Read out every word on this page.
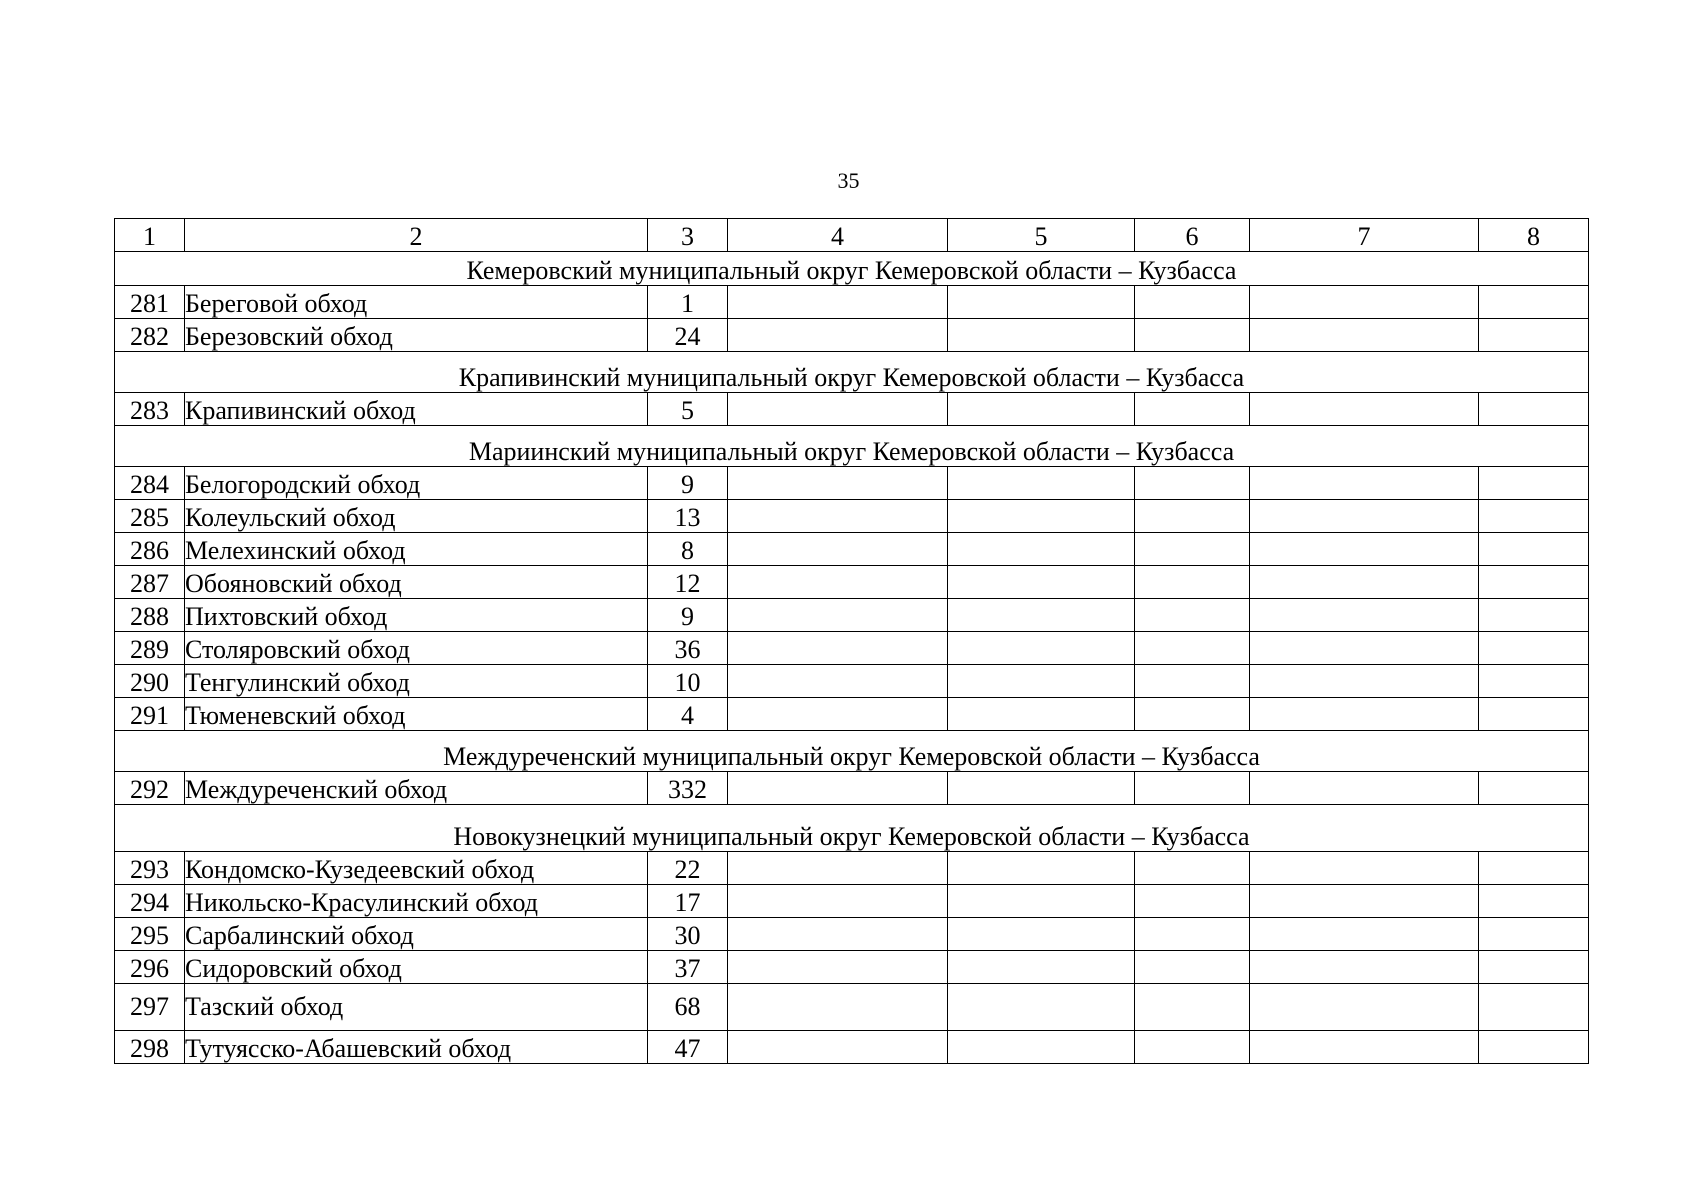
35
1	2	3	4	5	6	7	8
Кемеровский муниципальный округ Кемеровской области – Кузбасса							
281	Береговой обход	1					
282	Березовский обход	24					
Крапивинский муниципальный округ Кемеровской области – Кузбасса							
283	Крапивинский обход	5					
Мариинский муниципальный округ Кемеровской области – Кузбасса							
284	Белогородский обход	9					
285	Колеульский обход	13					
286	Мелехинский обход	8					
287	Обояновский обход	12					
288	Пихтовский обход	9					
289	Столяровский обход	36					
290	Тенгулинский обход	10					
291	Тюменевский обход	4					
Междуреченский муниципальный округ Кемеровской области – Кузбасса							
292	Междуреченский обход	332					
Новокузнецкий муниципальный округ Кемеровской области – Кузбасса							
293	Кондомско-Кузедеевский обход	22					
294	Никольско-Красулинский обход	17					
295	Сарбалинский обход	30					
296	Сидоровский обход	37					
297	Тазский обход	68					
298	Тутуясско-Абашевский обход	47					
